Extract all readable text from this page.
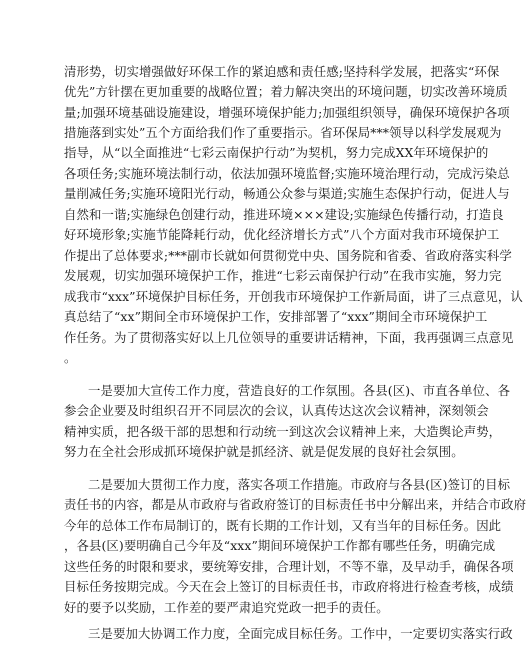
清形势，切实增强做好环保工作的紧迫感和责任感;坚持科学发展，把落实“环保
优先”方针摆在更加重要的战略位置；着力解决突出的环境问题，切实改善环境质
量;加强环境基础设施建设，增强环境保护能力;加强组织领导，确保环境保护各项
措施落到实处”五个方面给我们作了重要指示。省环保局***领导以科学发展观为
指导，从“以全面推进“七彩云南保护行动”为契机，努力完成XX年环境保护的
各项任务;实施环境法制行动，依法加强环境监督;实施环境治理行动，完成污染总
量削减任务;实施环境阳光行动，畅通公众参与渠道;实施生态保护行动，促进人与
自然和一谐;实施绿色创建行动，推进环境×××建设;实施绿色传播行动，打造良
好环境形象;实施节能降耗行动，优化经济增长方式”八个方面对我市环境保护工
作提出了总体要求;***副市长就如何贯彻党中央、国务院和省委、省政府落实科学
发展观，切实加强环境保护工作，推进“七彩云南保护行动”在我市实施，努力完
成我市“xxx”环境保护目标任务，开创我市环境保护工作新局面，讲了三点意见，认
真总结了“xx”期间全市环境保护工作，安排部署了“xxx”期间全市环境保护工
作任务。为了贯彻落实好以上几位领导的重要讲话精神，下面，我再强调三点意见
。
一是要加大宣传工作力度，营造良好的工作氛围。各县(区)、市直各单位、各
参会企业要及时组织召开不同层次的会议，认真传达这次会议精神，深刻领会
精神实质，把各级干部的思想和行动统一到这次会议精神上来，大造舆论声势，
努力在全社会形成抓环境保护就是抓经济、就是促发展的良好社会氛围。
二是要加大贯彻工作力度，落实各项工作措施。市政府与各县(区)签订的目标
责任书的内容，都是从市政府与省政府签订的目标责任书中分解出来，并结合市政府
今年的总体工作布局制订的，既有长期的工作计划，又有当年的目标任务。因此
，各县(区)要明确自己今年及“xxx”期间环境保护工作都有哪些任务，明确完成
这些任务的时限和要求，要统筹安排，合理计划，不等不靠，及早动手，确保各项
目标任务按期完成。今天在会上签订的目标责任书，市政府将进行检查考核，成绩
好的要予以奖励，工作差的要严肃追究党政一把手的责任。
三是要加大协调工作力度，全面完成目标任务。工作中，一定要切实落实行政
